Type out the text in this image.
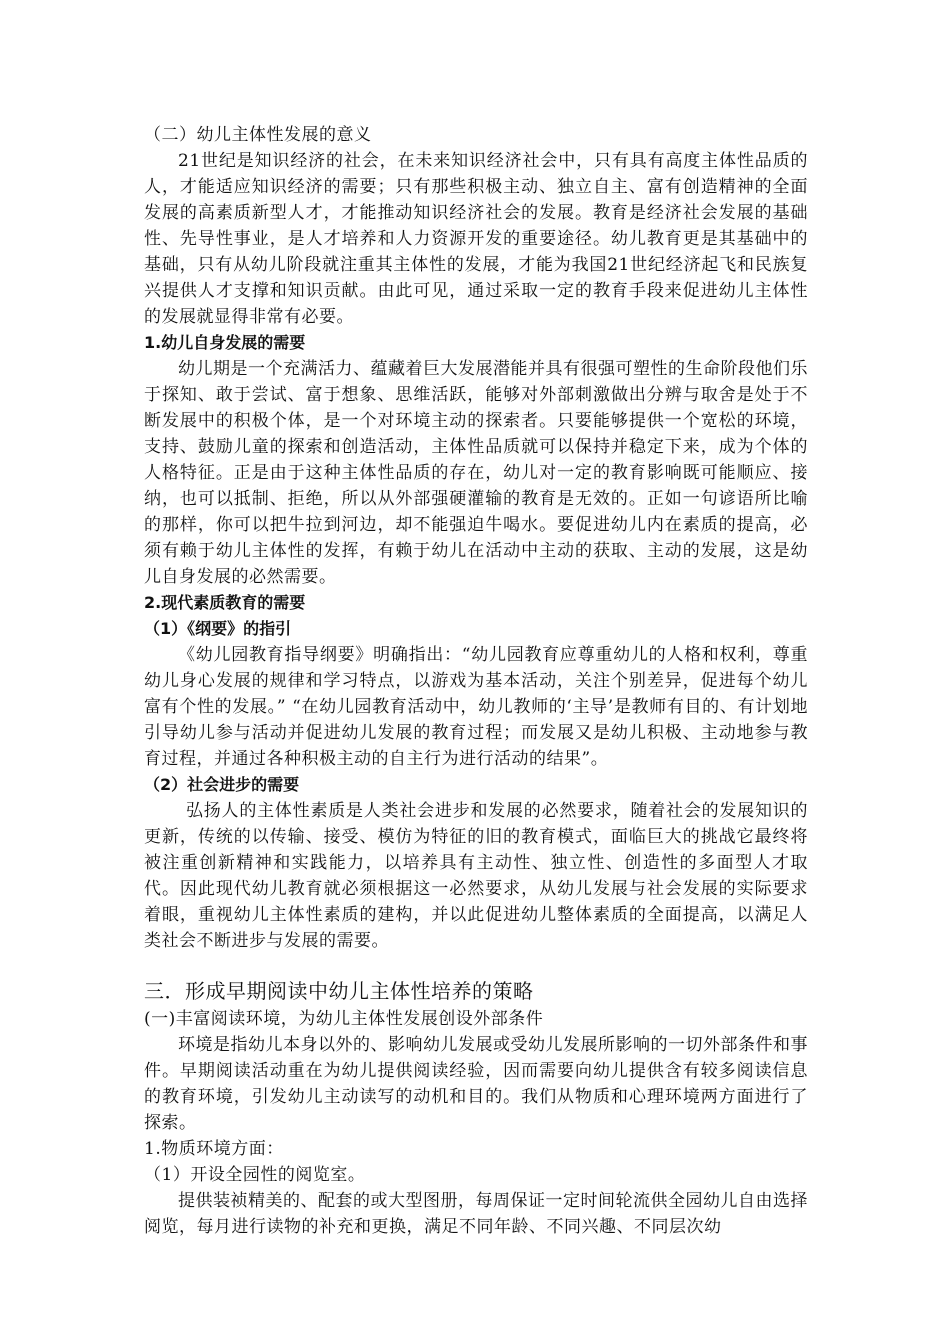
（二）幼儿主体性发展的意义

21世纪是知识经济的社会，在未来知识经济社会中，只有具有高度主体性品质的人，才能适应知识经济的需要；只有那些积极主动、独立自主、富有创造精神的全面发展的高素质新型人才，才能推动知识经济社会的发展。教育是经济社会发展的基础性、先导性事业，是人才培养和人力资源开发的重要途径。幼儿教育更是其基础中的基础，只有从幼儿阶段就注重其主体性的发展，才能为我国21世纪经济起飞和民族复兴提供人才支撑和知识贡献。由此可见，通过采取一定的教育手段来促进幼儿主体性的发展就显得非常有必要。

1.幼儿自身发展的需要

幼儿期是一个充满活力、蕴藏着巨大发展潜能并具有很强可塑性的生命阶段他们乐于探知、敢于尝试、富于想象、思维活跃，能够对外部刺激做出分辨与取舍是处于不断发展中的积极个体，是一个对环境主动的探索者。只要能够提供一个宽松的环境，支持、鼓励儿童的探索和创造活动，主体性品质就可以保持并稳定下来，成为个体的人格特征。正是由于这种主体性品质的存在，幼儿对一定的教育影响既可能顺应、接纳，也可以抵制、拒绝，所以从外部强硬灌输的教育是无效的。正如一句谚语所比喻的那样，你可以把牛拉到河边，却不能强迫牛喝水。要促进幼儿内在素质的提高，必须有赖于幼儿主体性的发挥，有赖于幼儿在活动中主动的获取、主动的发展，这是幼儿自身发展的必然需要。

2.现代素质教育的需要
（1）《纲要》的指引

《幼儿园教育指导纲要》明确指出：“幼儿园教育应尊重幼儿的人格和权利，尊重幼儿身心发展的规律和学习特点，以游戏为基本活动，关注个别差异，促进每个幼儿富有个性的发展。” “在幼儿园教育活动中，幼儿教师的‘主导’是教师有目的、有计划地引导幼儿参与活动并促进幼儿发展的教育过程；而发展又是幼儿积极、主动地参与教育过程，并通过各种积极主动的自主行为进行活动的结果”。

（2）社会进步的需要

弘扬人的主体性素质是人类社会进步和发展的必然要求，随着社会的发展知识的更新，传统的以传输、接受、模仿为特征的旧的教育模式，面临巨大的挑战它最终将被注重创新精神和实践能力，以培养具有主动性、独立性、创造性的多面型人才取代。因此现代幼儿教育就必须根据这一必然要求，从幼儿发展与社会发展的实际要求着眼，重视幼儿主体性素质的建构，并以此促进幼儿整体素质的全面提高，以满足人类社会不断进步与发展的需要。

三．形成早期阅读中幼儿主体性培养的策略
(一)丰富阅读环境，为幼儿主体性发展创设外部条件

环境是指幼儿本身以外的、影响幼儿发展或受幼儿发展所影响的一切外部条件和事件。早期阅读活动重在为幼儿提供阅读经验，因而需要向幼儿提供含有较多阅读信息的教育环境，引发幼儿主动读写的动机和目的。我们从物质和心理环境两方面进行了探索。

1.物质环境方面：
（1）开设全园性的阅览室。

提供装祯精美的、配套的或大型图册，每周保证一定时间轮流供全园幼儿自由选择阅览，每月进行读物的补充和更换，满足不同年龄、不同兴趣、不同层次幼
